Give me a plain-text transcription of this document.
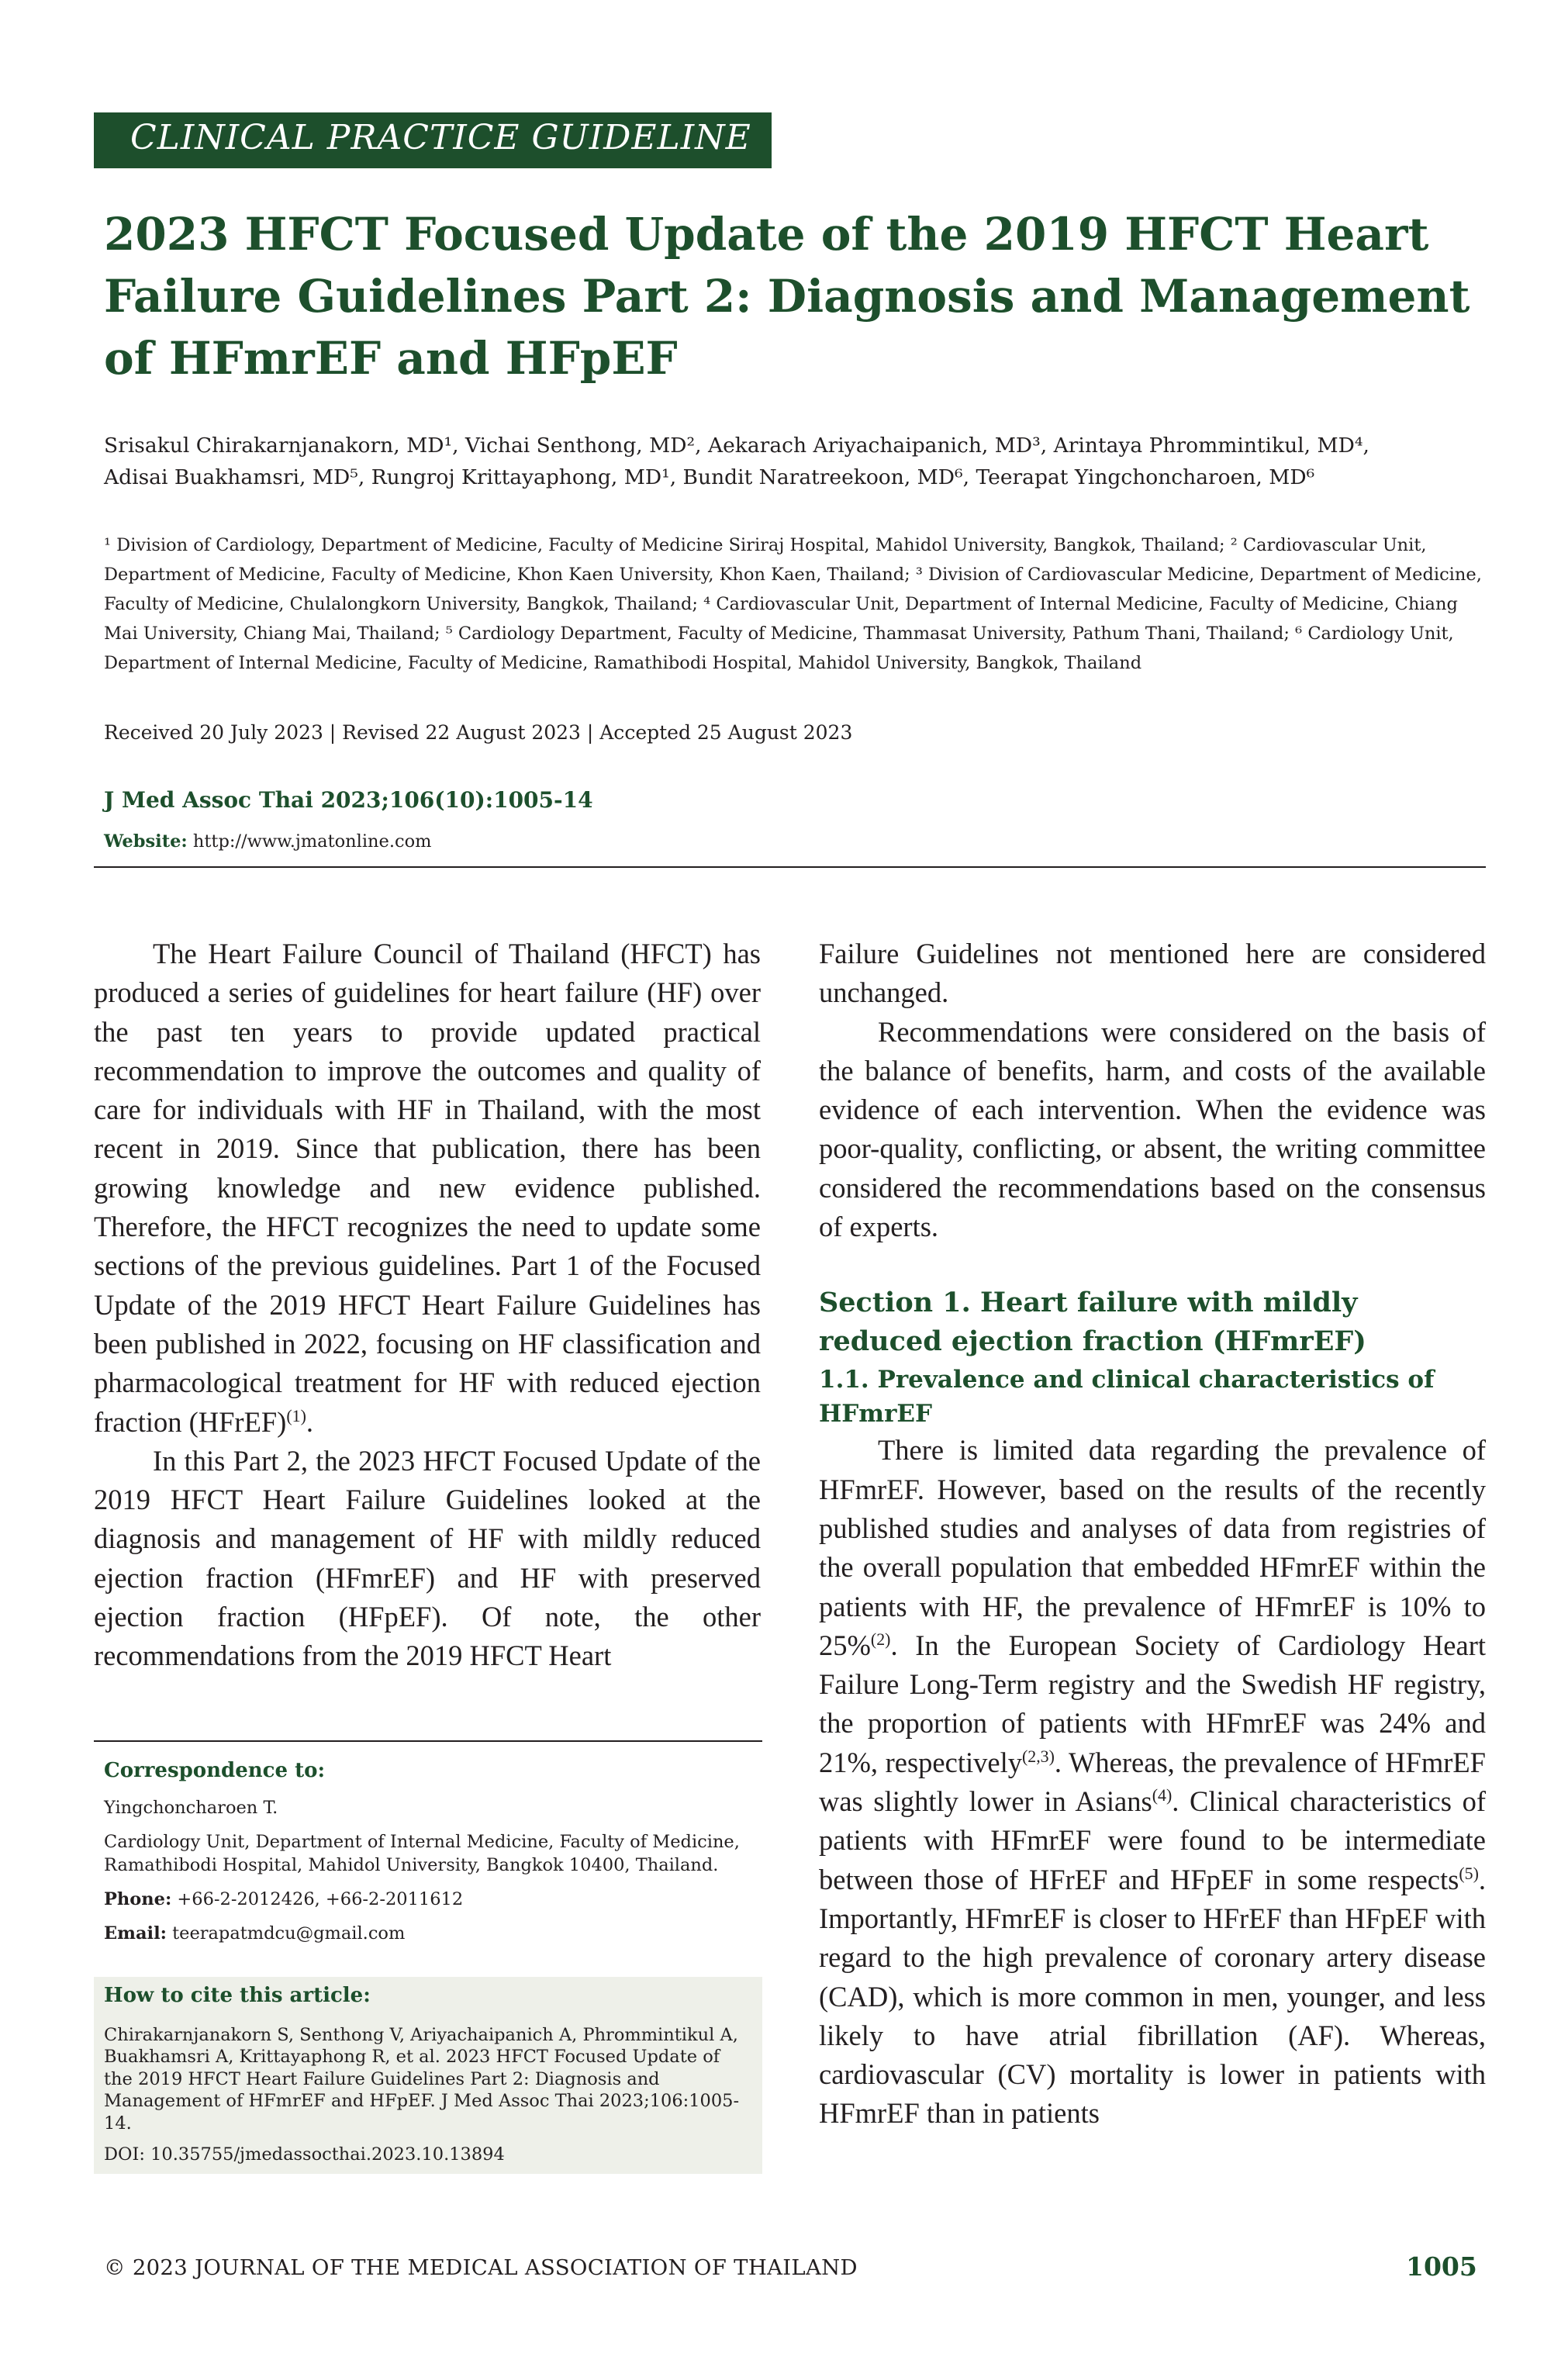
CLINICAL PRACTICE GUIDELINE
2023 HFCT Focused Update of the 2019 HFCT Heart Failure Guidelines Part 2: Diagnosis and Management of HFmrEF and HFpEF
Srisakul Chirakarnjanakorn, MD¹, Vichai Senthong, MD², Aekarach Ariyachaipanich, MD³, Arintaya Phrommintikul, MD⁴,
Adisai Buakhamsri, MD⁵, Rungroj Krittayaphong, MD¹, Bundit Naratreekoon, MD⁶, Teerapat Yingchoncharoen, MD⁶
¹ Division of Cardiology, Department of Medicine, Faculty of Medicine Siriraj Hospital, Mahidol University, Bangkok, Thailand; ² Cardiovascular Unit, Department of Medicine, Faculty of Medicine, Khon Kaen University, Khon Kaen, Thailand; ³ Division of Cardiovascular Medicine, Department of Medicine, Faculty of Medicine, Chulalongkorn University, Bangkok, Thailand; ⁴ Cardiovascular Unit, Department of Internal Medicine, Faculty of Medicine, Chiang Mai University, Chiang Mai, Thailand; ⁵ Cardiology Department, Faculty of Medicine, Thammasat University, Pathum Thani, Thailand; ⁶ Cardiology Unit, Department of Internal Medicine, Faculty of Medicine, Ramathibodi Hospital, Mahidol University, Bangkok, Thailand
Received 20 July 2023 | Revised 22 August 2023 | Accepted 25 August 2023
J Med Assoc Thai 2023;106(10):1005-14
Website: http://www.jmatonline.com

The Heart Failure Council of Thailand (HFCT) has produced a series of guidelines for heart failure (HF) over the past ten years to provide updated practical recommendation to improve the outcomes and quality of care for individuals with HF in Thailand, with the most recent in 2019. Since that publication, there has been growing knowledge and new evidence published. Therefore, the HFCT recognizes the need to update some sections of the previous guidelines. Part 1 of the Focused Update of the 2019 HFCT Heart Failure Guidelines has been published in 2022, focusing on HF classification and pharmacological treatment for HF with reduced ejection fraction (HFrEF)$^{(1)}$.

In this Part 2, the 2023 HFCT Focused Update of the 2019 HFCT Heart Failure Guidelines looked at the diagnosis and management of HF with mildly reduced ejection fraction (HFmrEF) and HF with preserved ejection fraction (HFpEF). Of note, the other recommendations from the 2019 HFCT Heart

Failure Guidelines not mentioned here are considered unchanged.

Recommendations were considered on the basis of the balance of benefits, harm, and costs of the available evidence of each intervention. When the evidence was poor-quality, conflicting, or absent, the writing committee considered the recommendations based on the consensus of experts.

Section 1. Heart failure with mildly reduced ejection fraction (HFmrEF)

1.1. Prevalence and clinical characteristics of HFmrEF

There is limited data regarding the prevalence of HFmrEF. However, based on the results of the recently published studies and analyses of data from registries of the overall population that embedded HFmrEF within the patients with HF, the prevalence of HFmrEF is 10% to 25%$^{(2)}$. In the European Society of Cardiology Heart Failure Long-Term registry and the Swedish HF registry, the proportion of patients with HFmrEF was 24% and 21%, respectively$^{(2,3)}$. Whereas, the prevalence of HFmrEF was slightly lower in Asians$^{(4)}$. Clinical characteristics of patients with HFmrEF were found to be intermediate between those of HFrEF and HFpEF in some respects$^{(5)}$. Importantly, HFmrEF is closer to HFrEF than HFpEF with regard to the high prevalence of coronary artery disease (CAD), which is more common in men, younger, and less likely to have atrial fibrillation (AF). Whereas, cardiovascular (CV) mortality is lower in patients with HFmrEF than in patients

Correspondence to:
Yingchoncharoen T.
Cardiology Unit, Department of Internal Medicine, Faculty of Medicine, Ramathibodi Hospital, Mahidol University, Bangkok 10400, Thailand.
Phone: +66-2-2012426, +66-2-2011612
Email: teerapatmdcu@gmail.com
How to cite this article:
Chirakarnjanakorn S, Senthong V, Ariyachaipanich A, Phrommintikul A, Buakhamsri A, Krittayaphong R, et al. 2023 HFCT Focused Update of the 2019 HFCT Heart Failure Guidelines Part 2: Diagnosis and Management of HFmrEF and HFpEF. J Med Assoc Thai 2023;106:1005-14.
DOI: 10.35755/jmedassocthai.2023.10.13894
© 2023 JOURNAL OF THE MEDICAL ASSOCIATION OF THAILAND	1005
